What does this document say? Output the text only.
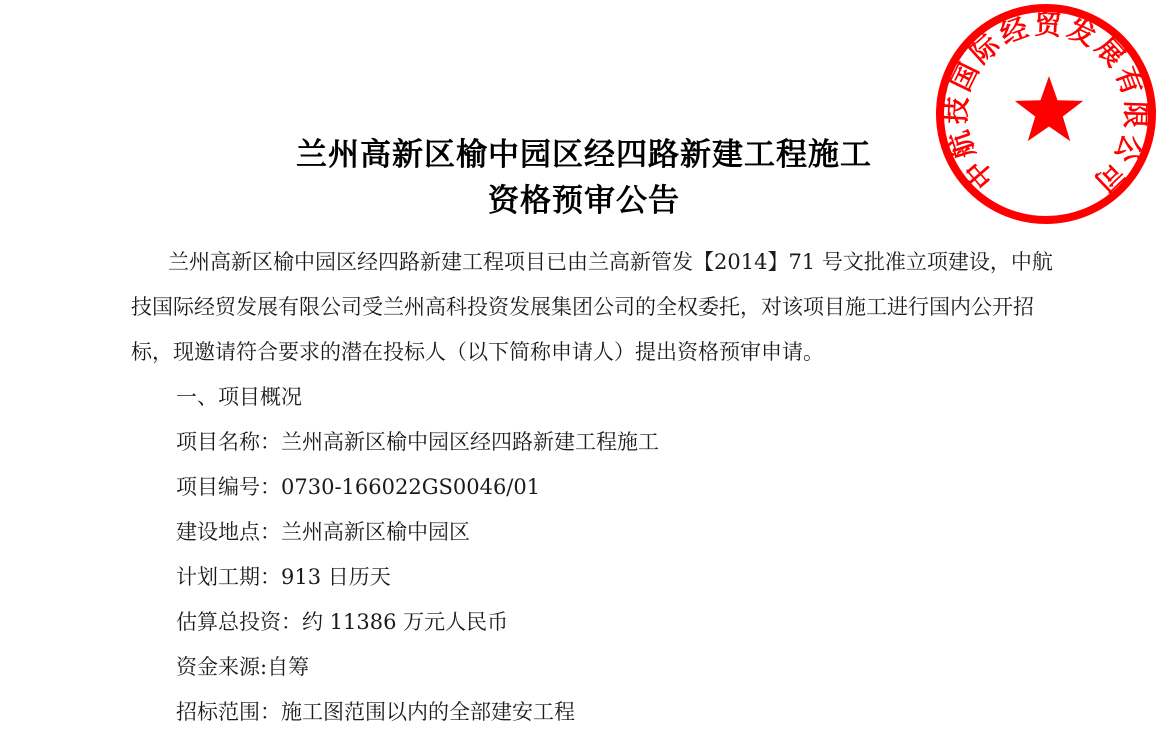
中航技国际经贸发展有限公司
兰州高新区榆中园区经四路新建工程施工
资格预审公告
兰州高新区榆中园区经四路新建工程项目已由兰高新管发【2014】71 号文批准立项建设，中航
技国际经贸发展有限公司受兰州高科投资发展集团公司的全权委托，对该项目施工进行国内公开招
标，现邀请符合要求的潜在投标人（以下简称申请人）提出资格预审申请。
一、项目概况
项目名称：兰州高新区榆中园区经四路新建工程施工
项目编号：0730-166022GS0046/01
建设地点：兰州高新区榆中园区
计划工期：913 日历天
估算总投资：约 11386 万元人民币
资金来源:自筹
招标范围：施工图范围以内的全部建安工程
